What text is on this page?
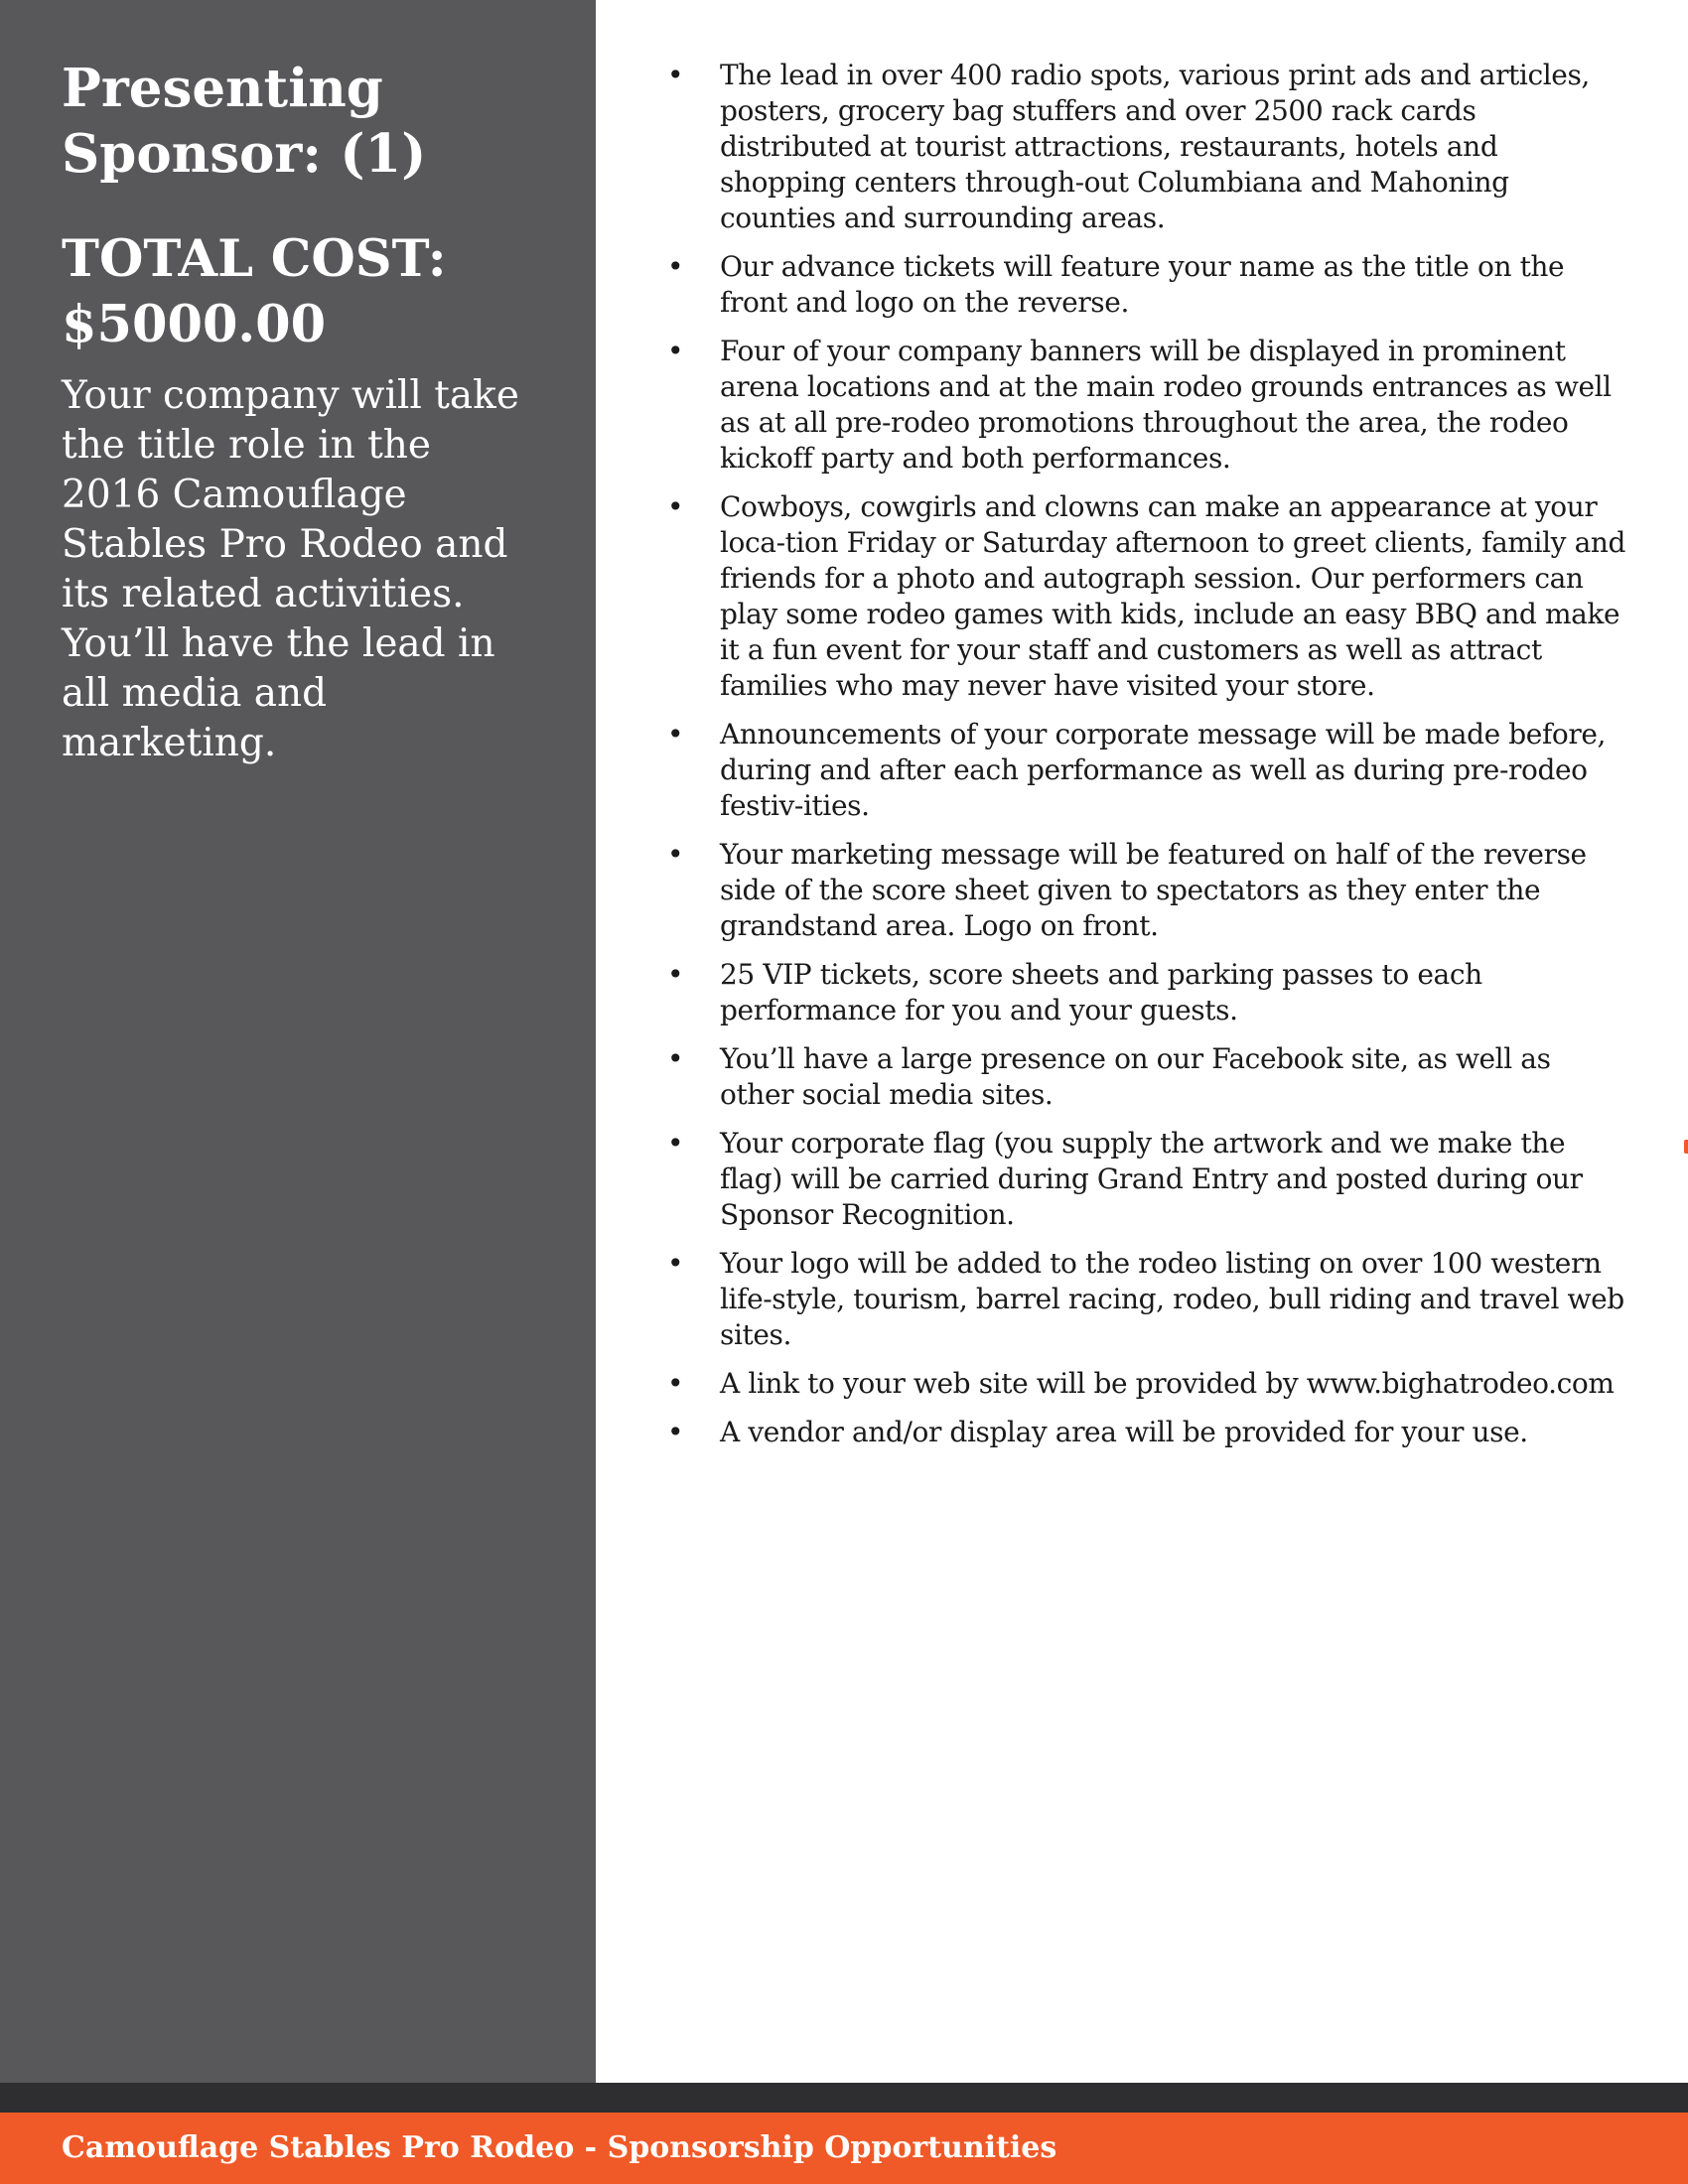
Presenting Sponsor: (1)
TOTAL COST:
$5000.00

Your company will take the title role in the 2016 Camouflage Stables Pro Rodeo and its related activities. You’ll have the lead in all media and marketing.

• The lead in over 400 radio spots, various print ads and articles, posters, grocery bag stuffers and over 2500 rack cards distributed at tourist attractions, restaurants, hotels and shopping centers through-out Columbiana and Mahoning counties and surrounding areas.
• Our advance tickets will feature your name as the title on the front and logo on the reverse.
• Four of your company banners will be displayed in prominent arena locations and at the main rodeo grounds entrances as well as at all pre-rodeo promotions throughout the area, the rodeo kickoff party and both performances.
• Cowboys, cowgirls and clowns can make an appearance at your loca-tion Friday or Saturday afternoon to greet clients, family and friends for a photo and autograph session. Our performers can play some rodeo games with kids, include an easy BBQ and make it a fun event for your staff and customers as well as attract families who may never have visited your store.
• Announcements of your corporate message will be made before, during and after each performance as well as during pre-rodeo festiv-ities.
• Your marketing message will be featured on half of the reverse side of the score sheet given to spectators as they enter the grandstand area. Logo on front.
• 25 VIP tickets, score sheets and parking passes to each performance for you and your guests.
• You’ll have a large presence on our Facebook site, as well as other social media sites.
• Your corporate flag (you supply the artwork and we make the flag) will be carried during Grand Entry and posted during our Sponsor Recognition.
• Your logo will be added to the rodeo listing on over 100 western life-style, tourism, barrel racing, rodeo, bull riding and travel web sites.
• A link to your web site will be provided by www.bighatrodeo.com
• A vendor and/or display area will be provided for your use.
Camouflage Stables Pro Rodeo - Sponsorship Opportunities
